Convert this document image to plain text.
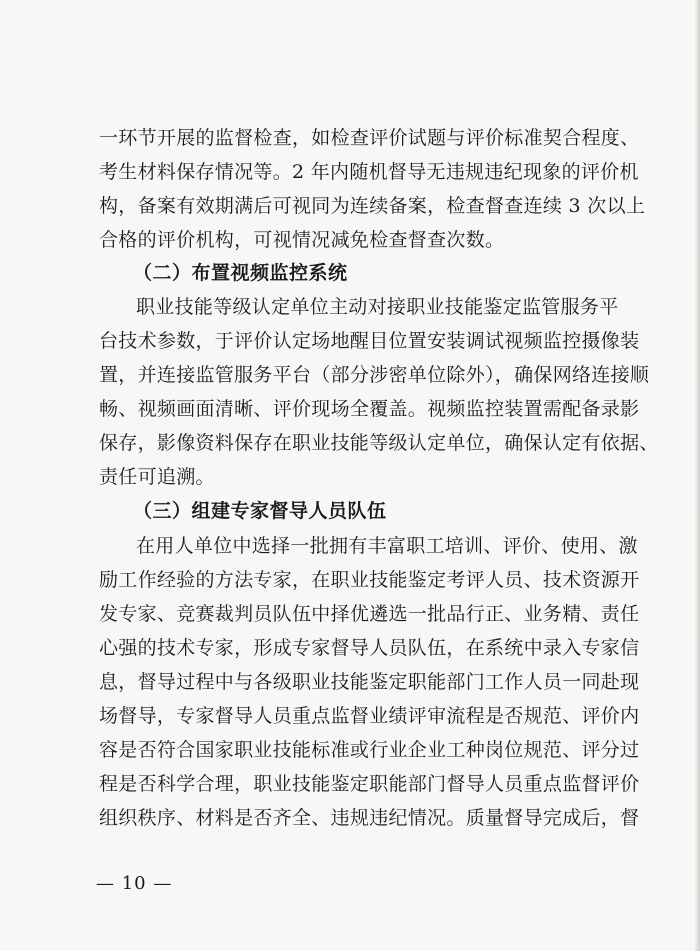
一环节开展的监督检查，如检查评价试题与评价标准契合程度、
考生材料保存情况等。2 年内随机督导无违规违纪现象的评价机
构，备案有效期满后可视同为连续备案，检查督查连续 3 次以上
合格的评价机构，可视情况减免检查督查次数。
（二）布置视频监控系统
职业技能等级认定单位主动对接职业技能鉴定监管服务平
台技术参数，于评价认定场地醒目位置安装调试视频监控摄像装
置，并连接监管服务平台（部分涉密单位除外），确保网络连接顺
畅、视频画面清晰、评价现场全覆盖。视频监控装置需配备录影
保存，影像资料保存在职业技能等级认定单位，确保认定有依据、
责任可追溯。
（三）组建专家督导人员队伍
在用人单位中选择一批拥有丰富职工培训、评价、使用、激
励工作经验的方法专家，在职业技能鉴定考评人员、技术资源开
发专家、竞赛裁判员队伍中择优遴选一批品行正、业务精、责任
心强的技术专家，形成专家督导人员队伍，在系统中录入专家信
息，督导过程中与各级职业技能鉴定职能部门工作人员一同赴现
场督导，专家督导人员重点监督业绩评审流程是否规范、评价内
容是否符合国家职业技能标准或行业企业工种岗位规范、评分过
程是否科学合理，职业技能鉴定职能部门督导人员重点监督评价
组织秩序、材料是否齐全、违规违纪情况。质量督导完成后，督
— 10 —
